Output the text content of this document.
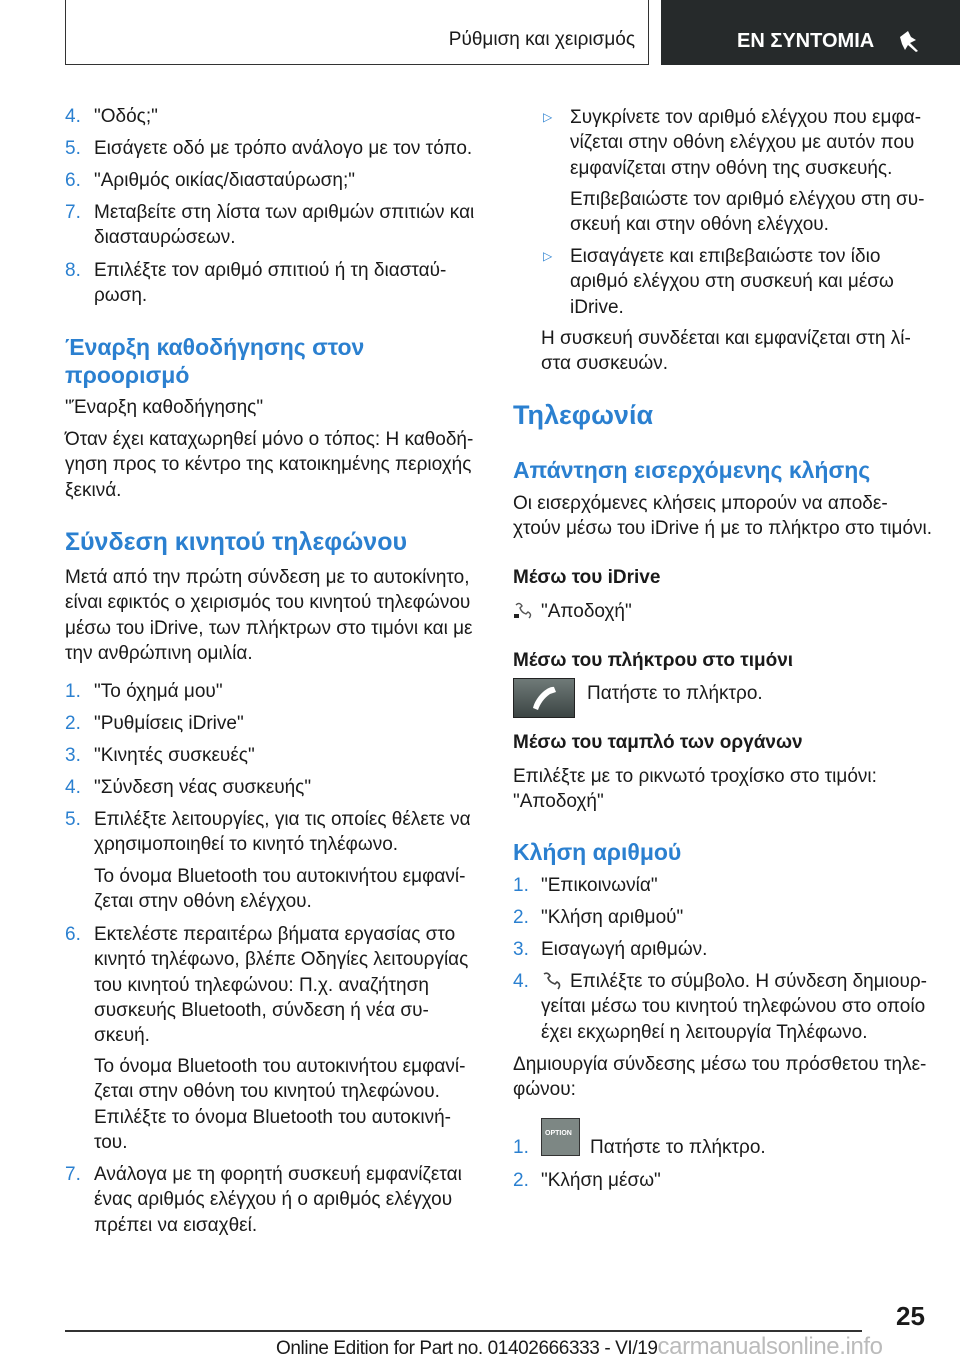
Ρύθμιση και χειρισμός	ΕΝ ΣΥΝΤΟΜΙΑ
4. "Οδός;"
5. Εισάγετε οδό με τρόπο ανάλογο με τον τόπο.
6. "Αριθμός οικίας/διασταύρωση;"
7. Μεταβείτε στη λίστα των αριθμών σπιτιών και
διασταυρώσεων.
8. Επιλέξτε τον αριθμό σπιτιού ή τη διασταύ-
ρωση.
Έναρξη καθοδήγησης στον
προορισμό
"Έναρξη καθοδήγησης"
Όταν έχει καταχωρηθεί μόνο ο τόπος: Η καθοδή-
γηση προς το κέντρο της κατοικημένης περιοχής
ξεκινά.
Σύνδεση κινητού τηλεφώνου
Μετά από την πρώτη σύνδεση με το αυτοκίνητο,
είναι εφικτός ο χειρισμός του κινητού τηλεφώνου
μέσω του iDrive, των πλήκτρων στο τιμόνι και με
την ανθρώπινη ομιλία.
1. "Το όχημά μου"
2. "Ρυθμίσεις iDrive"
3. "Κινητές συσκευές"
4. "Σύνδεση νέας συσκευής"
5. Επιλέξτε λειτουργίες, για τις οποίες θέλετε να
χρησιμοποιηθεί το κινητό τηλέφωνο.
Το όνομα Bluetooth του αυτοκινήτου εμφανί-
ζεται στην οθόνη ελέγχου.
6. Εκτελέστε περαιτέρω βήματα εργασίας στο
κινητό τηλέφωνο, βλέπε Οδηγίες λειτουργίας
του κινητού τηλεφώνου: Π.χ. αναζήτηση
συσκευής Bluetooth, σύνδεση ή νέα συ-
σκευή.
Το όνομα Bluetooth του αυτοκινήτου εμφανί-
ζεται στην οθόνη του κινητού τηλεφώνου.
Επιλέξτε το όνομα Bluetooth του αυτοκινή-
του.
7. Ανάλογα με τη φορητή συσκευή εμφανίζεται
ένας αριθμός ελέγχου ή ο αριθμός ελέγχου
πρέπει να εισαχθεί.
▷ Συγκρίνετε τον αριθμό ελέγχου που εμφα-
νίζεται στην οθόνη ελέγχου με αυτόν που
εμφανίζεται στην οθόνη της συσκευής.
Επιβεβαιώστε τον αριθμό ελέγχου στη συ-
σκευή και στην οθόνη ελέγχου.
▷ Εισαγάγετε και επιβεβαιώστε τον ίδιο
αριθμό ελέγχου στη συσκευή και μέσω
iDrive.
Η συσκευή συνδέεται και εμφανίζεται στη λί-
στα συσκευών.
Τηλεφωνία
Απάντηση εισερχόμενης κλήσης
Οι εισερχόμενες κλήσεις μπορούν να αποδε-
χτούν μέσω του iDrive ή με το πλήκτρο στο τιμόνι.
Μέσω του iDrive
"Αποδοχή"
Μέσω του πλήκτρου στο τιμόνι
Πατήστε το πλήκτρο.
Μέσω του ταμπλό των οργάνων
Επιλέξτε με το ρικνωτό τροχίσκο στο τιμόνι:
"Αποδοχή"
Κλήση αριθμού
1. "Επικοινωνία"
2. "Κλήση αριθμού"
3. Εισαγωγή αριθμών.
4.	Επιλέξτε το σύμβολο. Η σύνδεση δημιουρ-
γείται μέσω του κινητού τηλεφώνου στο οποίο
έχει εκχωρηθεί η λειτουργία Τηλέφωνο.
Δημιουργία σύνδεσης μέσω του πρόσθετου τηλε-
φώνου:
1.
OPTION
Πατήστε το πλήκτρο.
2. "Κλήση μέσω"
25
Online Edition for Part no. 01402666333 - VI/19carmanualsonline.info
